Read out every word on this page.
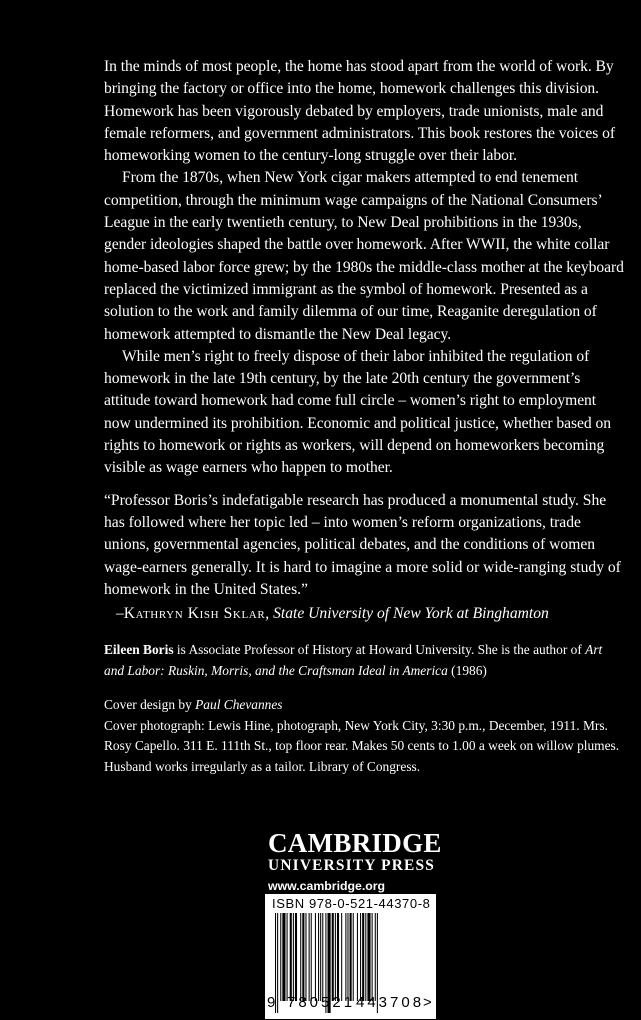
In the minds of most people, the home has stood apart from the world of work. By bringing the factory or office into the home, homework challenges this division. Homework has been vigorously debated by employers, trade unionists, male and female reformers, and government administrators. This book restores the voices of homeworking women to the century-long struggle over their labor.

From the 1870s, when New York cigar makers attempted to end tenement competition, through the minimum wage campaigns of the National Consumers’ League in the early twentieth century, to New Deal prohibitions in the 1930s, gender ideologies shaped the battle over homework. After WWII, the white collar home-based labor force grew; by the 1980s the middle-class mother at the keyboard replaced the victimized immigrant as the symbol of homework. Presented as a solution to the work and family dilemma of our time, Reaganite deregulation of homework attempted to dismantle the New Deal legacy.

While men’s right to freely dispose of their labor inhibited the regulation of homework in the late 19th century, by the late 20th century the government’s attitude toward homework had come full circle – women’s right to employment now undermined its prohibition. Economic and political justice, whether based on rights to homework or rights as workers, will depend on homeworkers becoming visible as wage earners who happen to mother.

“Professor Boris’s indefatigable research has produced a monumental study. She has followed where her topic led – into women’s reform organizations, trade unions, governmental agencies, political debates, and the conditions of women wage-earners generally. It is hard to imagine a more solid or wide-ranging study of homework in the United States.”

–Kathryn Kish Sklar, State University of New York at Binghamton

Eileen Boris is Associate Professor of History at Howard University. She is the author of Art and Labor: Ruskin, Morris, and the Craftsman Ideal in America (1986)

Cover design by Paul Chevannes

Cover photograph: Lewis Hine, photograph, New York City, 3:30 p.m., December, 1911. Mrs. Rosy Capello. 311 E. 111th St., top floor rear. Makes 50 cents to 1.00 a week on willow plumes. Husband works irregularly as a tailor. Library of Congress.

CAMBRIDGE
UNIVERSITY PRESS
www.cambridge.org
ISBN 978-0-521-44370-8
9 780521 443708
>
